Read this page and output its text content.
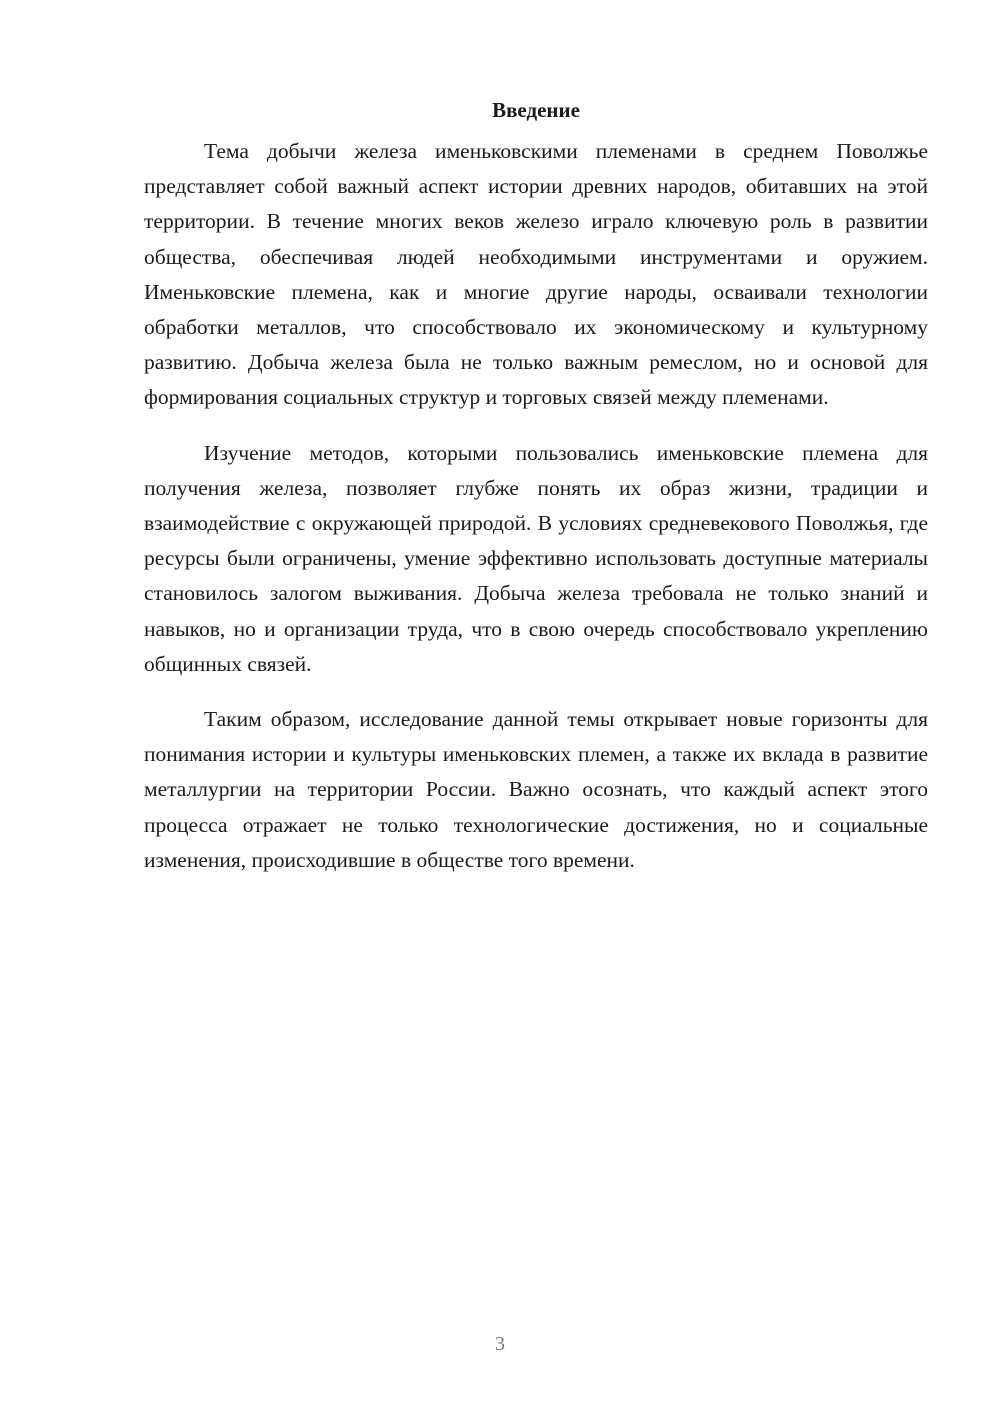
Введение

Тема добычи железа именьковскими племенами в среднем Поволжье представляет собой важный аспект истории древних народов, обитавших на этой территории. В течение многих веков железо играло ключевую роль в развитии общества, обеспечивая людей необходимыми инструментами и оружием. Именьковские племена, как и многие другие народы, осваивали технологии обработки металлов, что способствовало их экономическому и культурному развитию. Добыча железа была не только важным ремеслом, но и основой для формирования социальных структур и торговых связей между племенами.

Изучение методов, которыми пользовались именьковские племена для получения железа, позволяет глубже понять их образ жизни, традиции и взаимодействие с окружающей природой. В условиях средневекового Поволжья, где ресурсы были ограничены, умение эффективно использовать доступные материалы становилось залогом выживания. Добыча железа требовала не только знаний и навыков, но и организации труда, что в свою очередь способствовало укреплению общинных связей.

Таким образом, исследование данной темы открывает новые горизонты для понимания истории и культуры именьковских племен, а также их вклада в развитие металлургии на территории России. Важно осознать, что каждый аспект этого процесса отражает не только технологические достижения, но и социальные изменения, происходившие в обществе того времени.

3
